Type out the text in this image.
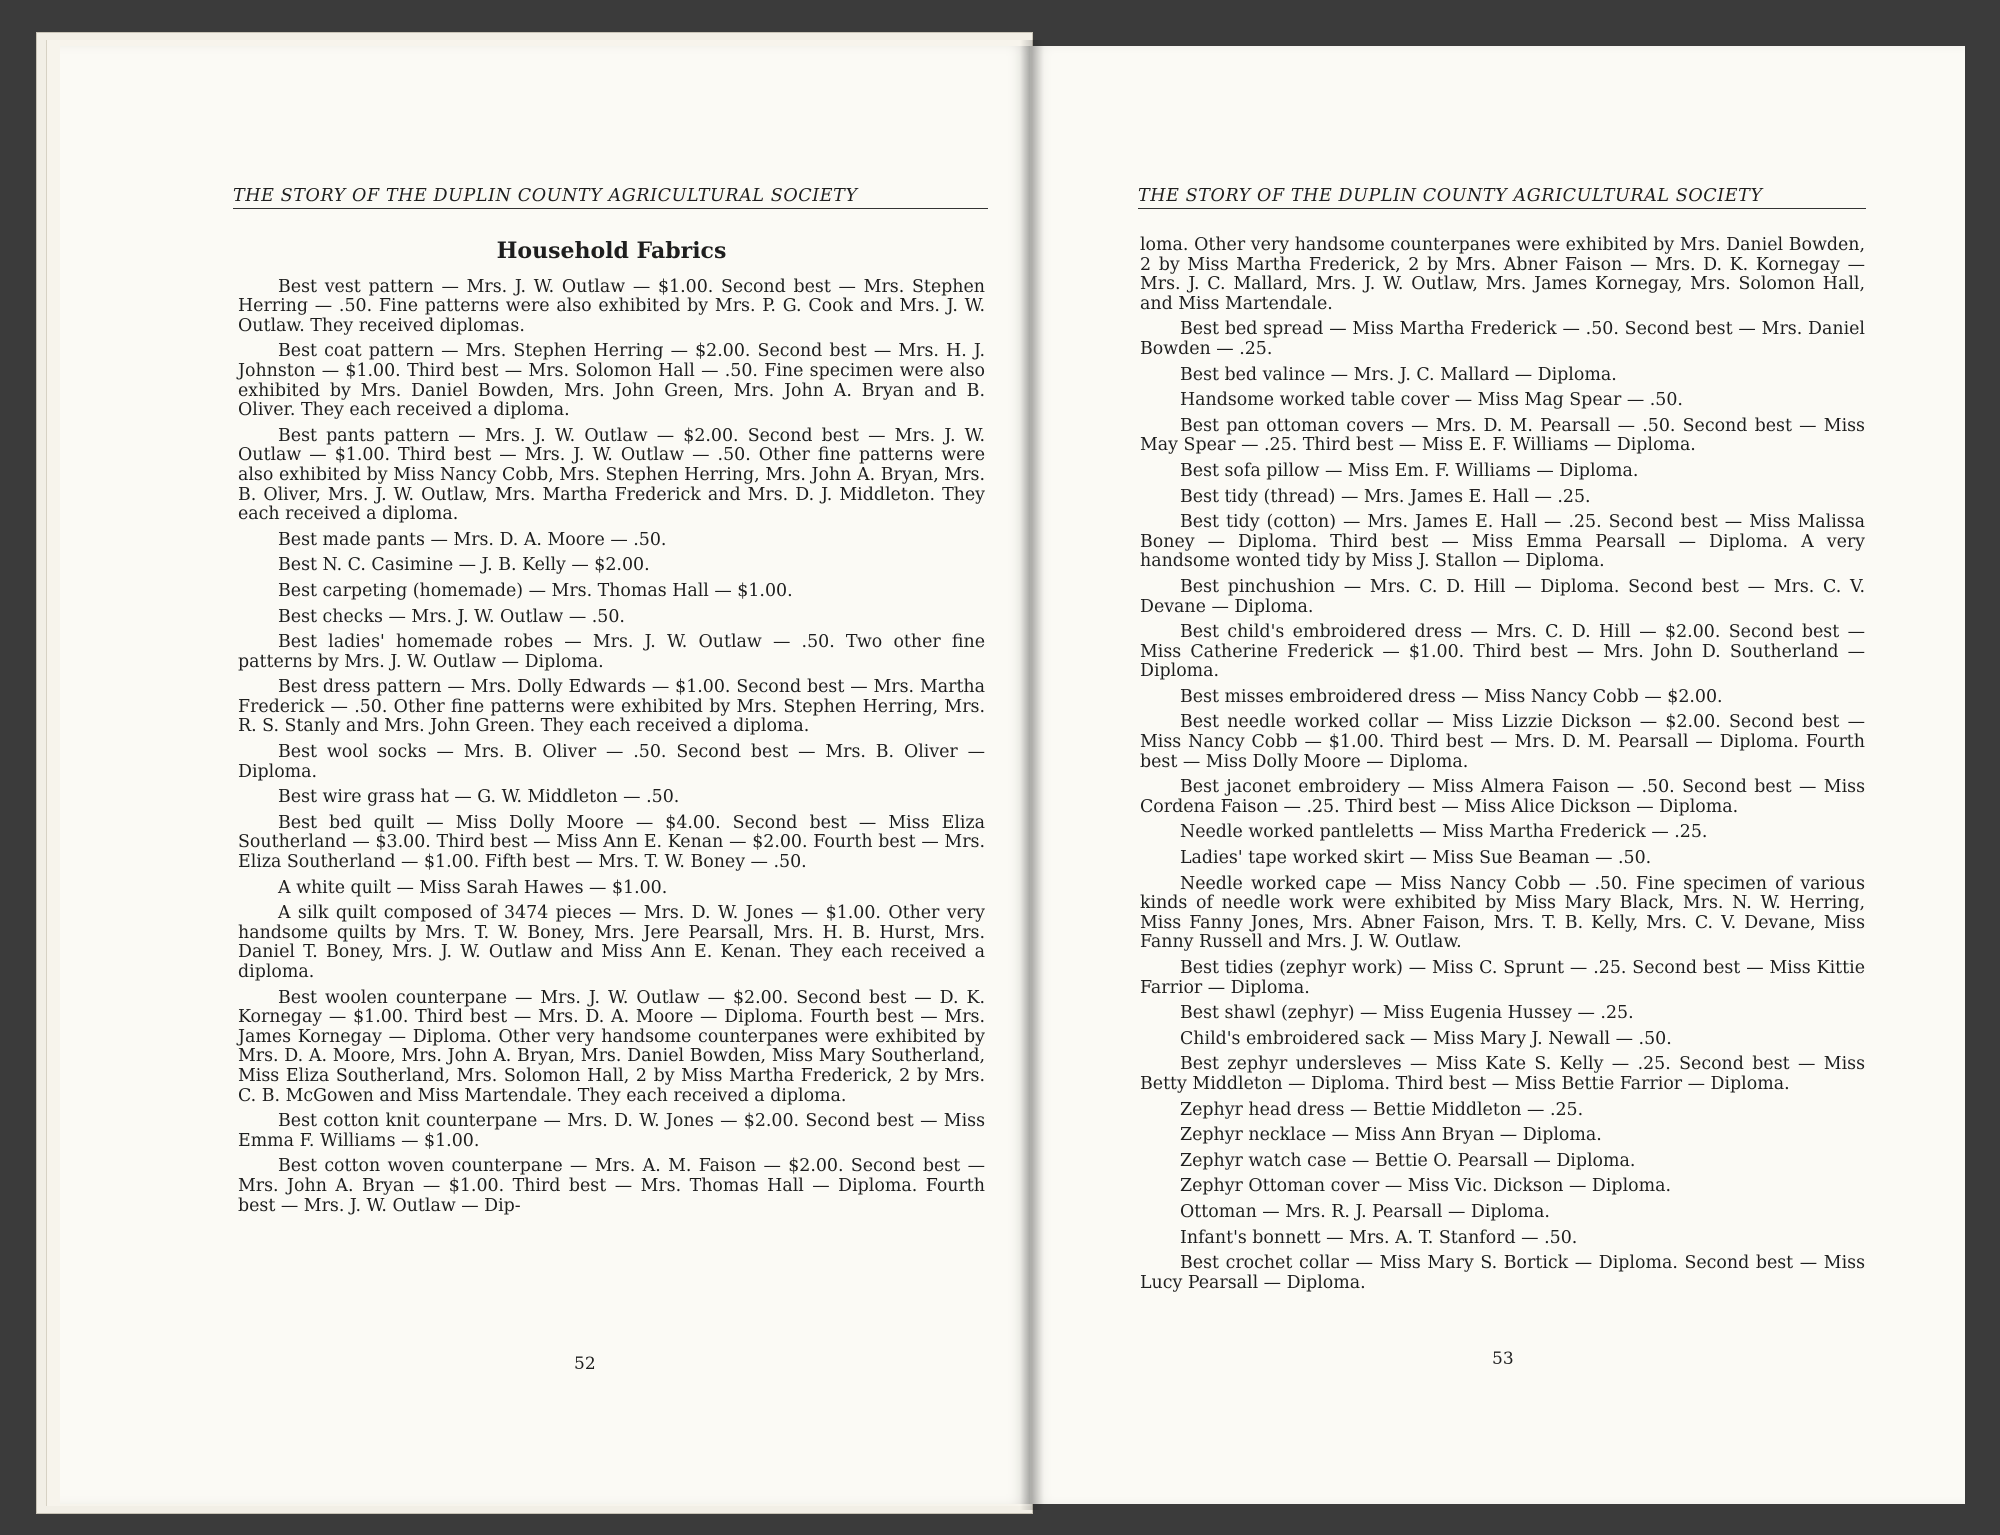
THE STORY OF THE DUPLIN COUNTY AGRICULTURAL SOCIETY
Household Fabrics

Best vest pattern — Mrs. J. W. Outlaw — $1.00. Second best — Mrs. Stephen Herring — .50. Fine patterns were also exhibited by Mrs. P. G. Cook and Mrs. J. W. Outlaw. They received diplomas.

Best coat pattern — Mrs. Stephen Herring — $2.00. Second best — Mrs. H. J. Johnston — $1.00. Third best — Mrs. Solomon Hall — .50. Fine specimen were also exhibited by Mrs. Daniel Bowden, Mrs. John Green, Mrs. John A. Bryan and B. Oliver. They each received a diploma.

Best pants pattern — Mrs. J. W. Outlaw — $2.00. Second best — Mrs. J. W. Outlaw — $1.00. Third best — Mrs. J. W. Outlaw — .50. Other fine patterns were also exhibited by Miss Nancy Cobb, Mrs. Stephen Herring, Mrs. John A. Bryan, Mrs. B. Oliver, Mrs. J. W. Outlaw, Mrs. Martha Frederick and Mrs. D. J. Middleton. They each received a diploma.

Best made pants — Mrs. D. A. Moore — .50.

Best N. C. Casimine — J. B. Kelly — $2.00.

Best carpeting (homemade) — Mrs. Thomas Hall — $1.00.

Best checks — Mrs. J. W. Outlaw — .50.

Best ladies' homemade robes — Mrs. J. W. Outlaw — .50. Two other fine patterns by Mrs. J. W. Outlaw — Diploma.

Best dress pattern — Mrs. Dolly Edwards — $1.00. Second best — Mrs. Martha Frederick — .50. Other fine patterns were exhibited by Mrs. Stephen Herring, Mrs. R. S. Stanly and Mrs. John Green. They each received a diploma.

Best wool socks — Mrs. B. Oliver — .50. Second best — Mrs. B. Oliver — Diploma.

Best wire grass hat — G. W. Middleton — .50.

Best bed quilt — Miss Dolly Moore — $4.00. Second best — Miss Eliza Southerland — $3.00. Third best — Miss Ann E. Kenan — $2.00. Fourth best — Mrs. Eliza Southerland — $1.00. Fifth best — Mrs. T. W. Boney — .50.

A white quilt — Miss Sarah Hawes — $1.00.

A silk quilt composed of 3474 pieces — Mrs. D. W. Jones — $1.00. Other very handsome quilts by Mrs. T. W. Boney, Mrs. Jere Pearsall, Mrs. H. B. Hurst, Mrs. Daniel T. Boney, Mrs. J. W. Outlaw and Miss Ann E. Kenan. They each received a diploma.

Best woolen counterpane — Mrs. J. W. Outlaw — $2.00. Second best — D. K. Kornegay — $1.00. Third best — Mrs. D. A. Moore — Diploma. Fourth best — Mrs. James Kornegay — Diploma. Other very handsome counterpanes were exhibited by Mrs. D. A. Moore, Mrs. John A. Bryan, Mrs. Daniel Bowden, Miss Mary Southerland, Miss Eliza Southerland, Mrs. Solomon Hall, 2 by Miss Martha Frederick, 2 by Mrs. C. B. McGowen and Miss Martendale. They each received a diploma.

Best cotton knit counterpane — Mrs. D. W. Jones — $2.00. Second best — Miss Emma F. Williams — $1.00.

Best cotton woven counterpane — Mrs. A. M. Faison — $2.00. Second best — Mrs. John A. Bryan — $1.00. Third best — Mrs. Thomas Hall — Diploma. Fourth best — Mrs. J. W. Outlaw — Dip-

52
THE STORY OF THE DUPLIN COUNTY AGRICULTURAL SOCIETY

loma. Other very handsome counterpanes were exhibited by Mrs. Daniel Bowden, 2 by Miss Martha Frederick, 2 by Mrs. Abner Faison — Mrs. D. K. Kornegay — Mrs. J. C. Mallard, Mrs. J. W. Outlaw, Mrs. James Kornegay, Mrs. Solomon Hall, and Miss Martendale.

Best bed spread — Miss Martha Frederick — .50. Second best — Mrs. Daniel Bowden — .25.

Best bed valince — Mrs. J. C. Mallard — Diploma.

Handsome worked table cover — Miss Mag Spear — .50.

Best pan ottoman covers — Mrs. D. M. Pearsall — .50. Second best — Miss May Spear — .25. Third best — Miss E. F. Williams — Diploma.

Best sofa pillow — Miss Em. F. Williams — Diploma.

Best tidy (thread) — Mrs. James E. Hall — .25.

Best tidy (cotton) — Mrs. James E. Hall — .25. Second best — Miss Malissa Boney — Diploma. Third best — Miss Emma Pearsall — Diploma. A very handsome wonted tidy by Miss J. Stallon — Diploma.

Best pinchushion — Mrs. C. D. Hill — Diploma. Second best — Mrs. C. V. Devane — Diploma.

Best child's embroidered dress — Mrs. C. D. Hill — $2.00. Second best — Miss Catherine Frederick — $1.00. Third best — Mrs. John D. Southerland — Diploma.

Best misses embroidered dress — Miss Nancy Cobb — $2.00.

Best needle worked collar — Miss Lizzie Dickson — $2.00. Second best — Miss Nancy Cobb — $1.00. Third best — Mrs. D. M. Pearsall — Diploma. Fourth best — Miss Dolly Moore — Diploma.

Best jaconet embroidery — Miss Almera Faison — .50. Second best — Miss Cordena Faison — .25. Third best — Miss Alice Dickson — Diploma.

Needle worked pantleletts — Miss Martha Frederick — .25.

Ladies' tape worked skirt — Miss Sue Beaman — .50.

Needle worked cape — Miss Nancy Cobb — .50. Fine specimen of various kinds of needle work were exhibited by Miss Mary Black, Mrs. N. W. Herring, Miss Fanny Jones, Mrs. Abner Faison, Mrs. T. B. Kelly, Mrs. C. V. Devane, Miss Fanny Russell and Mrs. J. W. Outlaw.

Best tidies (zephyr work) — Miss C. Sprunt — .25. Second best — Miss Kittie Farrior — Diploma.

Best shawl (zephyr) — Miss Eugenia Hussey — .25.

Child's embroidered sack — Miss Mary J. Newall — .50.

Best zephyr undersleves — Miss Kate S. Kelly — .25. Second best — Miss Betty Middleton — Diploma. Third best — Miss Bettie Farrior — Diploma.

Zephyr head dress — Bettie Middleton — .25.

Zephyr necklace — Miss Ann Bryan — Diploma.

Zephyr watch case — Bettie O. Pearsall — Diploma.

Zephyr Ottoman cover — Miss Vic. Dickson — Diploma.

Ottoman — Mrs. R. J. Pearsall — Diploma.

Infant's bonnett — Mrs. A. T. Stanford — .50.

Best crochet collar — Miss Mary S. Bortick — Diploma. Second best — Miss Lucy Pearsall — Diploma.

53
